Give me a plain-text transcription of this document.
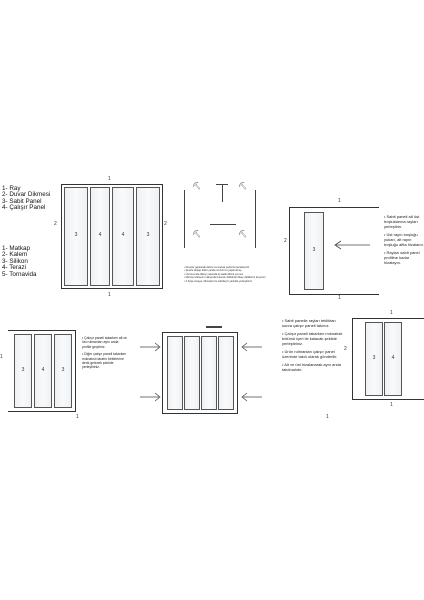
1- Ray
2- Duvar Dikmesi
3- Sabit Panel
4- Çalışır Panel
1- Matkap
2- Kalem
3- Silikon
4- Terazi
5- Tornavida
1
2	2
3	4	4	3
1
⛏	⛏
⛏	⛏
• Duvara yapılacak delme ve tesisat yerlerini işaretleyiniz.
• Şerefe ahşap dikini yanda ve düz bu yapılmamış.
• Üst kısımda dikeyi yukarıda ki saatli dikinti uyunuz.
• Montaj noktasını nakşında bulunan deliklerle dikey deliklerini koyunuz.
• 3 Köşe tavaya, dikmeleri ile sabitleyin yanlıkla yerleştiriniz.
1
2
3
1

• Sabit paneli alt üst boşluklarına rayları yerleştirin.

• Üst rayın boşluğu yukarı, alt rayın boşluğu altta hizalanır.

• Rayları sabit panel profiline kadar hizalayın.

1
3	4	3

• Çalışır paneli takarken alt ve üst rulmanları aynı anda profile geçiriniz.

• Diğer çalışır paneli takarken mıknatıslı tarafın birbirlerine denk gelecek şekilde yerleştiriniz.

1

• Sabit panelle rayları tekliktan sonra çalışır paneli takınız.

• Çalışır paneli takarken mıknatıslı bölümü içeri ile kalacak şekilde yerleştiriniz.

• Ürün rulmanları çalışır panel üzerinde takılı olarak gönderilir.

• Alt ve üst hizalanarak aynı anda takılmalıdır.

1
1
2
3	4
1
